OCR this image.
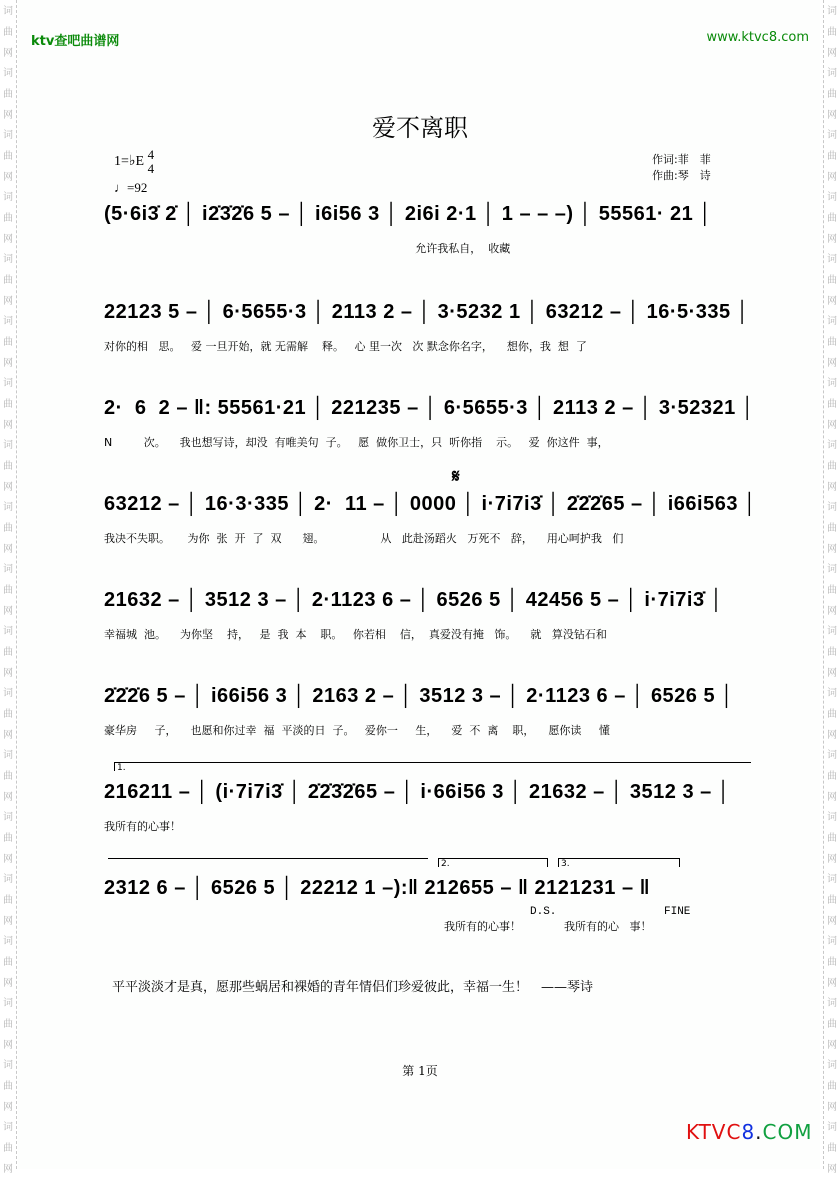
词
曲
网
词
曲
网
词
曲
网
词
曲
网
词
曲
网
词
曲
网
词
曲
网
词
曲
网
词
曲
网
词
曲
网
词
曲
网
词
曲
网
词
曲
网
词
曲
网
词
曲
网
词
曲
网
词
曲
网
词
曲
网
词
曲
网
词
曲
网
词
曲
网
词
曲
网
词
曲
网
词
曲
网
词
曲
网
词
曲
网
词
曲
网
词
曲
网
词
曲
网
词
曲
网
词
曲
网
词
曲
网
词
曲
网
词
曲
网
词
曲
网
词
曲
网
词
曲
网
词
曲
网
ktv查吧曲谱网	www.ktvc8.com
爱不离职
1=♭E 4
4
♩=92
作词:菲　菲
作曲:琴　诗
(5·6i3̇ 2̇ │ i2̇3̇2̇6 5 – │ i6i56 3 │ 2i6i 2·1 │ 1 – – –) │ 55561· 21 │
允许我私自，  收藏
22123 5 – │ 6·5655·3 │ 2113 2 – │ 3·5232 1 │ 63212 – │ 16·5·335 │
对你的相   思。   爱 一旦开始，就 无需解    释。   心 里一次   次 默念你名字，    想你，我  想  了
2·  6  2 – ‖: 55561·21 │ 221235 – │ 6·5655·3 │ 2113 2 – │ 3·52321 │
N         次。    我也想写诗，却没  有唯美句  子。   愿  做你卫士，只  听你指    示。   爱  你这件  事，
𝄋
63212 – │ 16·3·335 │ 2·  11 – │ 0000 │ i·7i7i3̇ │ 2̇2̇2̇65 – │ i66i563 │
我决不失职。     为你  张  开  了  双      翅。                从   此赴汤蹈火   万死不   辞，    用心呵护我   们
21632 – │ 3512 3 – │ 2·1123 6 – │ 6526 5 │ 42456 5 – │ i·7i7i3̇ │
幸福城  池。    为你坚    持，   是  我  本    职。   你若相    信，  真爱没有掩   饰。    就   算没钻石和
2̇2̇2̇6 5 – │ i66i56 3 │ 2163 2 – │ 3512 3 – │ 2·1123 6 – │ 6526 5 │
豪华房     子，    也愿和你过幸  福  平淡的日  子。   爱你一     生，    爱  不  离    职，    愿你读     懂
1.
216211 – │ (i·7i7i3̇ │ 2̇2̇3̇2̇65 – │ i·66i56 3 │ 21632 – │ 3512 3 – │
我所有的心事！
2.	3.
2312 6 – │ 6526 5 │ 22212 1 –):‖ 212655 – ‖ 2121231 – ‖
我所有的心事！	我所有的心   事！
D.S.	FINE
平平淡淡才是真，愿那些蜗居和裸婚的青年情侣们珍爱彼此，幸福一生！　——琴诗
第 1页
KTVC8.COM
